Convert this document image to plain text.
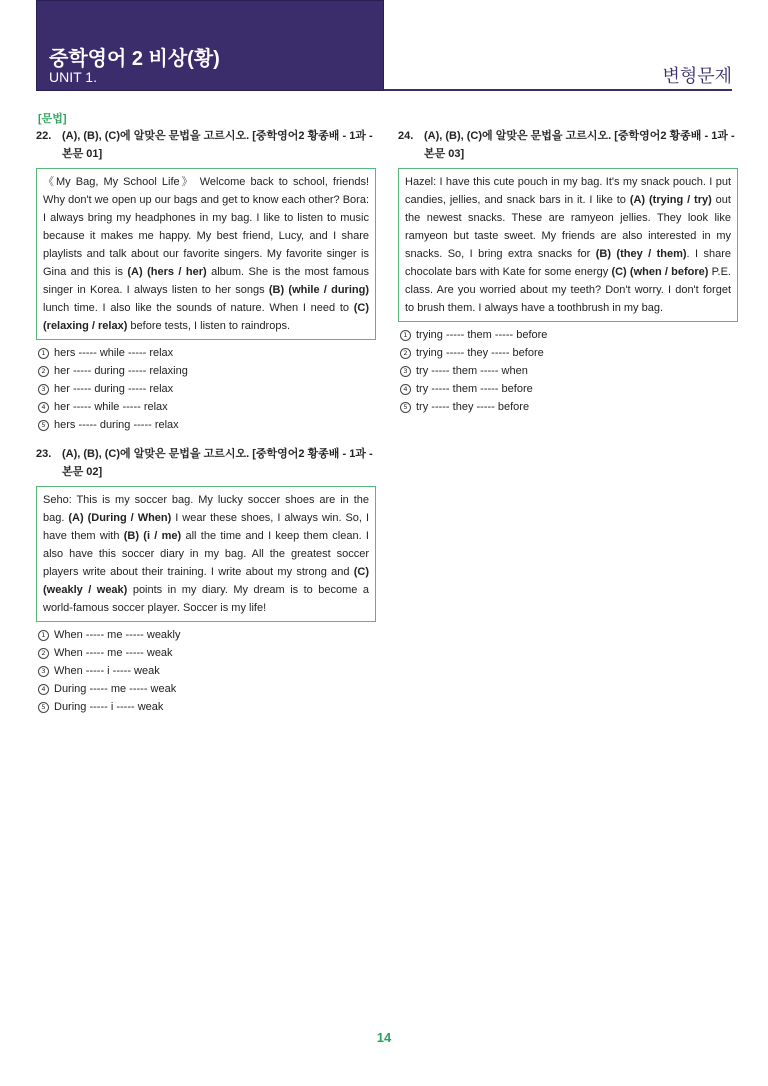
중학영어 2 비상(황)
UNIT 1.	변형문제
[문법]
22. (A), (B), (C)에 알맞은 문법을 고르시오. [중학영어2 황종배 - 1과 -본문 01]
《My Bag, My School Life》 Welcome back to school, friends! Why don't we open up our bags and get to know each other? Bora: I always bring my headphones in my bag. I like to listen to music because it makes me happy. My best friend, Lucy, and I share playlists and talk about our favorite singers. My favorite singer is Gina and this is (A) (hers / her) album. She is the most famous singer in Korea. I always listen to her songs (B) (while / during) lunch time. I also like the sounds of nature. When I need to (C) (relaxing / relax) before tests, I listen to raindrops.
1 hers ----- while ----- relax
2 her ----- during ----- relaxing
3 her ----- during ----- relax
4 her ----- while ----- relax
5 hers ----- during ----- relax
23. (A), (B), (C)에 알맞은 문법을 고르시오. [중학영어2 황종배 - 1과 -본문 02]
Seho: This is my soccer bag. My lucky soccer shoes are in the bag. (A) (During / When) I wear these shoes, I always win. So, I have them with (B) (i / me) all the time and I keep them clean. I also have this soccer diary in my bag. All the greatest soccer players write about their training. I write about my strong and (C) (weakly / weak) points in my diary. My dream is to become a world-famous soccer player. Soccer is my life!
1 When ----- me ----- weakly
2 When ----- me ----- weak
3 When ----- i ----- weak
4 During ----- me ----- weak
5 During ----- i ----- weak
24. (A), (B), (C)에 알맞은 문법을 고르시오. [중학영어2 황종배 - 1과 -본문 03]
Hazel: I have this cute pouch in my bag. It's my snack pouch. I put candies, jellies, and snack bars in it. I like to (A) (trying / try) out the newest snacks. These are ramyeon jellies. They look like ramyeon but taste sweet. My friends are also interested in my snacks. So, I bring extra snacks for (B) (they / them). I share chocolate bars with Kate for some energy (C) (when / before) P.E. class. Are you worried about my teeth? Don't worry. I don't forget to brush them. I always have a toothbrush in my bag.
1 trying ----- them ----- before
2 trying ----- they ----- before
3 try ----- them ----- when
4 try ----- them ----- before
5 try ----- they ----- before
14
